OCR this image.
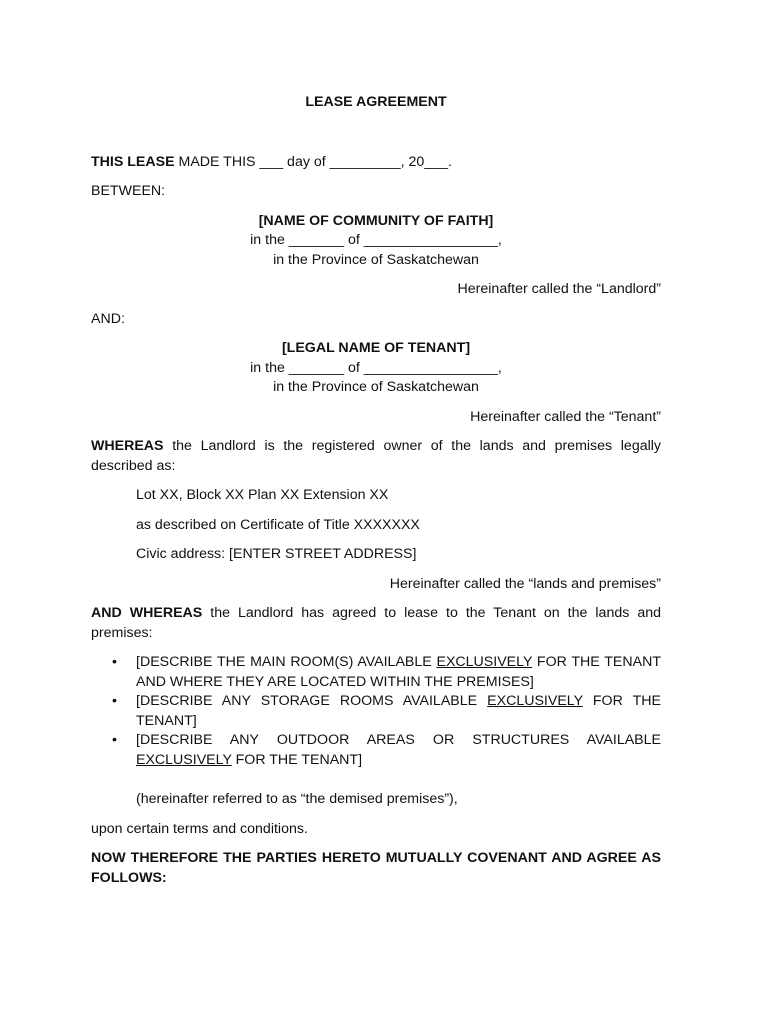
LEASE AGREEMENT

THIS LEASE MADE THIS ___ day of _________, 20___.

BETWEEN:

[NAME OF COMMUNITY OF FAITH]

in the _______ of _________________,

in the Province of Saskatchewan

Hereinafter called the “Landlord”

AND:

[LEGAL NAME OF TENANT]

in the _______ of _________________,

in the Province of Saskatchewan

Hereinafter called the “Tenant”

WHEREAS the Landlord is the registered owner of the lands and premises legally described as:

Lot XX, Block XX Plan XX Extension XX

as described on Certificate of Title XXXXXXX

Civic address: [ENTER STREET ADDRESS]

Hereinafter called the “lands and premises”

AND WHEREAS the Landlord has agreed to lease to the Tenant on the lands and premises:

• [DESCRIBE THE MAIN ROOM(S) AVAILABLE EXCLUSIVELY FOR THE TENANT AND WHERE THEY ARE LOCATED WITHIN THE PREMISES]
• [DESCRIBE ANY STORAGE ROOMS AVAILABLE EXCLUSIVELY FOR THE TENANT]
• [DESCRIBE ANY OUTDOOR AREAS OR STRUCTURES AVAILABLE EXCLUSIVELY FOR THE TENANT]

(hereinafter referred to as “the demised premises”),

upon certain terms and conditions.

NOW THEREFORE THE PARTIES HERETO MUTUALLY COVENANT AND AGREE AS FOLLOWS:
